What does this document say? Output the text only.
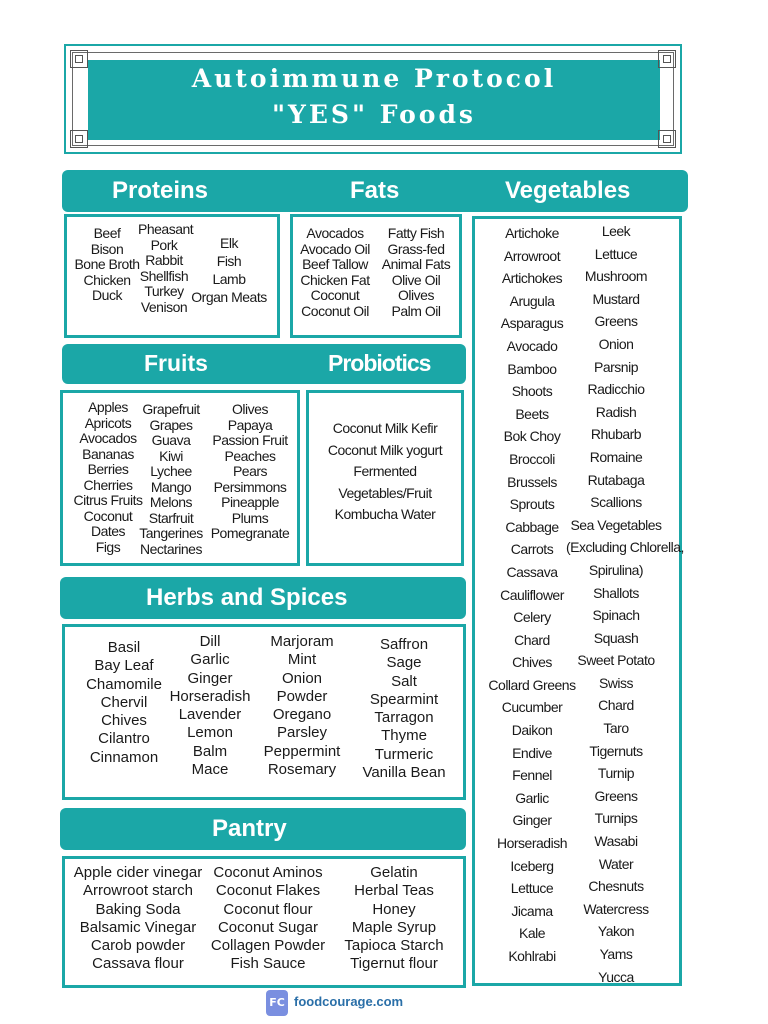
Autoimmune Protocol
"YES" Foods
Proteins	Fats	Vegetables
Beef
Bison
Bone Broth
Chicken
Duck
Pheasant
Pork
Rabbit
Shellfish
Turkey
Venison
Elk
Fish
Lamb
Organ Meats
Avocados
Avocado Oil
Beef Tallow
Chicken Fat
Coconut
Coconut Oil
Fatty Fish
Grass-fed
Animal Fats
Olive Oil
Olives
Palm Oil
Artichoke
Arrowroot
Artichokes
Arugula
Asparagus
Avocado
Bamboo
Shoots
Beets
Bok Choy
Broccoli
Brussels
Sprouts
Cabbage
Carrots
Cassava
Cauliflower
Celery
Chard
Chives
Collard Greens
Cucumber
Daikon
Endive
Fennel
Garlic
Ginger
Horseradish
Iceberg
Lettuce
Jicama
Kale
Kohlrabi
Leek
Lettuce
Mushroom
Mustard
Greens
Onion
Parsnip
Radicchio
Radish
Rhubarb
Romaine
Rutabaga
Scallions
Sea Vegetables
(Excluding Chlorella,
Spirulina)
Shallots
Spinach
Squash
Sweet Potato
Swiss
Chard
Taro
Tigernuts
Turnip
Greens
Turnips
Wasabi
Water
Chesnuts
Watercress
Yakon
Yams
Yucca
Fruits	Probiotics
Apples
Apricots
Avocados
Bananas
Berries
Cherries
Citrus Fruits
Coconut
Dates
Figs
Grapefruit
Grapes
Guava
Kiwi
Lychee
Mango
Melons
Starfruit
Tangerines
Nectarines
Olives
Papaya
Passion Fruit
Peaches
Pears
Persimmons
Pineapple
Plums
Pomegranate
Coconut Milk Kefir
Coconut Milk yogurt
Fermented
Vegetables/Fruit
Kombucha Water
Herbs and Spices
Basil
Bay Leaf
Chamomile
Chervil
Chives
Cilantro
Cinnamon
Dill
Garlic
Ginger
Horseradish
Lavender
Lemon
Balm
Mace
Marjoram
Mint
Onion
Powder
Oregano
Parsley
Peppermint
Rosemary
Saffron
Sage
Salt
Spearmint
Tarragon
Thyme
Turmeric
Vanilla Bean
Pantry
Apple cider vinegar
Arrowroot starch
Baking Soda
Balsamic Vinegar
Carob powder
Cassava flour
Coconut Aminos
Coconut Flakes
Coconut flour
Coconut Sugar
Collagen Powder
Fish Sauce
Gelatin
Herbal Teas
Honey
Maple Syrup
Tapioca Starch
Tigernut flour
FC foodcourage.com
